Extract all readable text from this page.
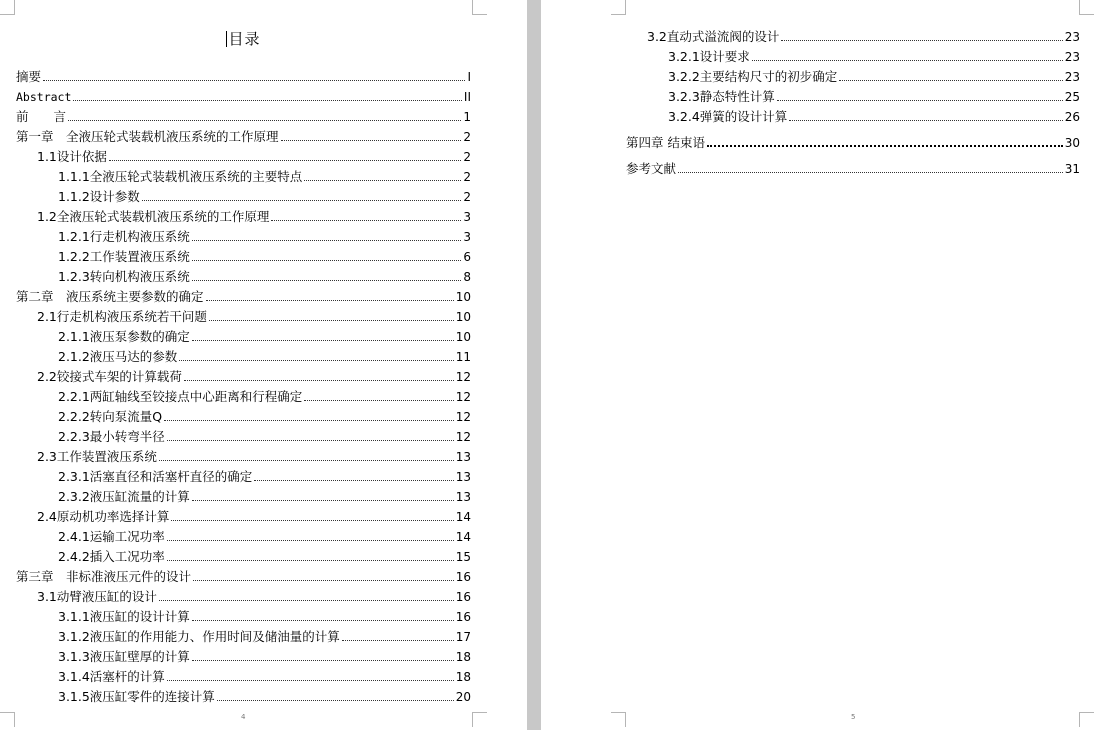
目录
摘要	I
Abstract	II
前　　言	1
第一章　全液压轮式装载机液压系统的工作原理	2
1.1设计依据	2
1.1.1全液压轮式装载机液压系统的主要特点	2
1.1.2设计参数	2
1.2全液压轮式装载机液压系统的工作原理	3
1.2.1行走机构液压系统	3
1.2.2工作装置液压系统	6
1.2.3转向机构液压系统	8
第二章　液压系统主要参数的确定	10
2.1行走机构液压系统若干问题	10
2.1.1液压泵参数的确定	10
2.1.2液压马达的参数	11
2.2铰接式车架的计算载荷	12
2.2.1两缸轴线至铰接点中心距离和行程确定	12
2.2.2转向泵流量Q	12
2.2.3最小转弯半径	12
2.3工作装置液压系统	13
2.3.1活塞直径和活塞杆直径的确定	13
2.3.2液压缸流量的计算	13
2.4原动机功率选择计算	14
2.4.1运输工况功率	14
2.4.2插入工况功率	15
第三章　非标准液压元件的设计	16
3.1动臂液压缸的设计	16
3.1.1液压缸的设计计算	16
3.1.2液压缸的作用能力、作用时间及储油量的计算	17
3.1.3液压缸壁厚的计算	18
3.1.4活塞杆的计算	18
3.1.5液压缸零件的连接计算	20
4
3.2直动式溢流阀的设计	23
3.2.1设计要求	23
3.2.2主要结构尺寸的初步确定	23
3.2.3静态特性计算	25
3.2.4弹簧的设计计算	26
第四章 结束语	30
参考文献	31
5
